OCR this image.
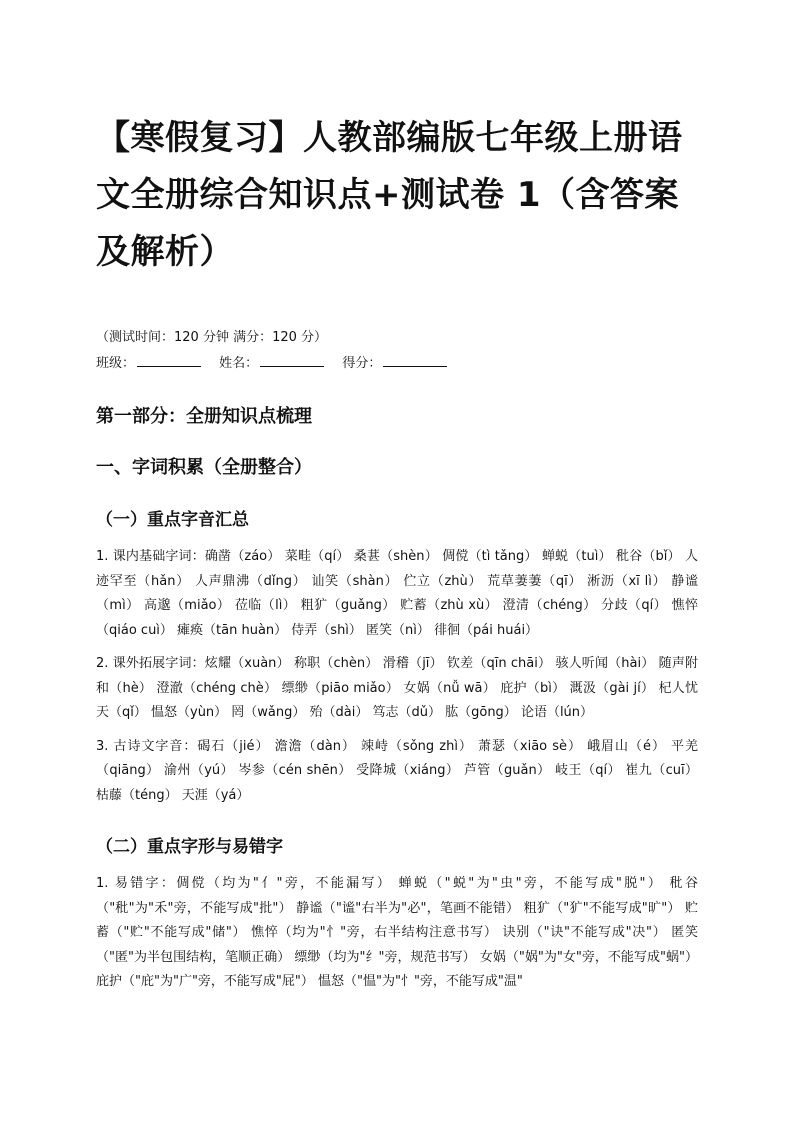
【寒假复习】人教部编版七年级上册语文全册综合知识点+测试卷 1（含答案及解析）
（测试时间：120 分钟 满分：120 分）
班级：	姓名：	得分：
第一部分：全册知识点梳理
一、字词积累（全册整合）
（一）重点字音汇总

1. 课内基础字词：确凿（záo） 菜畦（qí） 桑葚（shèn） 倜傥（tì tǎng） 蝉蜕（tuì） 秕谷（bǐ） 人迹罕至（hǎn） 人声鼎沸（dǐng） 讪笑（shàn） 伫立（zhù） 荒草萋萋（qī） 淅沥（xī lì） 静谧（mì） 高邈（miǎo） 莅临（lì） 粗犷（guǎng） 贮蓄（zhù xù） 澄清（chéng） 分歧（qí） 憔悴（qiáo cuì） 瘫痪（tān huàn） 侍弄（shì） 匿笑（nì） 徘徊（pái huái）

2. 课外拓展字词：炫耀（xuàn） 称职（chèn） 滑稽（jī） 钦差（qīn chāi） 骇人听闻（hài） 随声附和（hè） 澄澈（chéng chè） 缥缈（piāo miǎo） 女娲（nǚ wā） 庇护（bì） 溉汲（gài jí） 杞人忧天（qǐ） 愠怒（yùn） 罔（wǎng） 殆（dài） 笃志（dǔ） 肱（gōng） 论语（lún）

3. 古诗文字音：碣石（jié） 澹澹（dàn） 竦峙（sǒng zhì） 萧瑟（xiāo sè） 峨眉山（é） 平羌（qiāng） 渝州（yú） 岑参（cén shēn） 受降城（xiáng） 芦管（guǎn） 岐王（qí） 崔九（cuī） 枯藤（téng） 天涯（yá）

（二）重点字形与易错字

1. 易错字：倜傥（均为"亻"旁，不能漏写） 蝉蜕（"蜕"为"虫"旁，不能写成"脱"） 秕谷（"秕"为"禾"旁，不能写成"批"） 静谧（"谧"右半为"必"，笔画不能错） 粗犷（"犷"不能写成"旷"） 贮蓄（"贮"不能写成"储"） 憔悴（均为"忄"旁，右半结构注意书写） 诀别（"诀"不能写成"决"） 匿笑（"匿"为半包围结构，笔顺正确） 缥缈（均为"纟"旁，规范书写） 女娲（"娲"为"女"旁，不能写成"蜗"） 庇护（"庇"为"广"旁，不能写成"屁"） 愠怒（"愠"为"忄"旁，不能写成"温"
